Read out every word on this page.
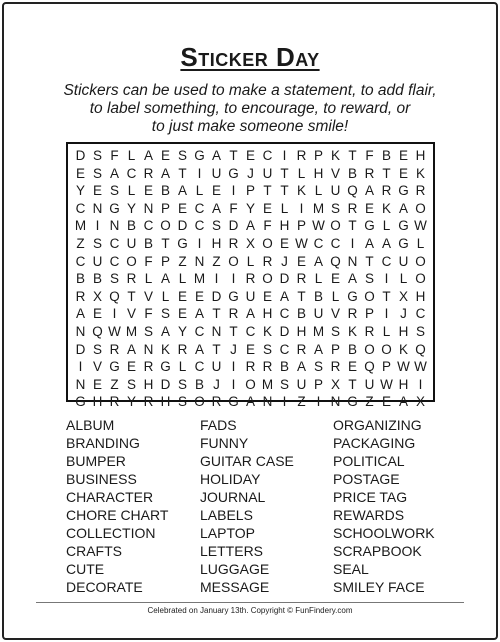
Sticker Day
Stickers can be used to make a statement, to add flair,
to label something, to encourage, to reward, or
to just make someone smile!
D S F L A E S G A T E C I R P K T F B E H
E S A C R A T I U G J U T L H V B R T E K
Y E S L E B A L E I P T T K L U Q A R G R
C N G Y N P E C A F Y E L I M S R E K A O
M I N B C O D C S D A F H P W O T G L G W
Z S C U B T G I H R X O E W C C I A A G L
C U C O F P Z N Z O L R J E A Q N T C U O
B B S R L A L M I I R O D R L E A S I L O
R X Q T V L E E D G U E A T B L G O T X H
A E I V F S E A T R A H C B U V R P I J C
N Q W M S A Y C N T C K D H M S K R L H S
D S R A N K R A T J E S C R A P B O O K Q
I V G E R G L C U I R R B A S R E Q P W W
N E Z S H D S B J I O M S U P X T U W H I
G H R Y R H S O R G A N I Z I N G Z E A X
ALBUM
BRANDING
BUMPER
BUSINESS
CHARACTER
CHORE CHART
COLLECTION
CRAFTS
CUTE
DECORATE
FADS
FUNNY
GUITAR CASE
HOLIDAY
JOURNAL
LABELS
LAPTOP
LETTERS
LUGGAGE
MESSAGE
ORGANIZING
PACKAGING
POLITICAL
POSTAGE
PRICE TAG
REWARDS
SCHOOLWORK
SCRAPBOOK
SEAL
SMILEY FACE
Celebrated on January 13th. Copyright © FunFindery.com
